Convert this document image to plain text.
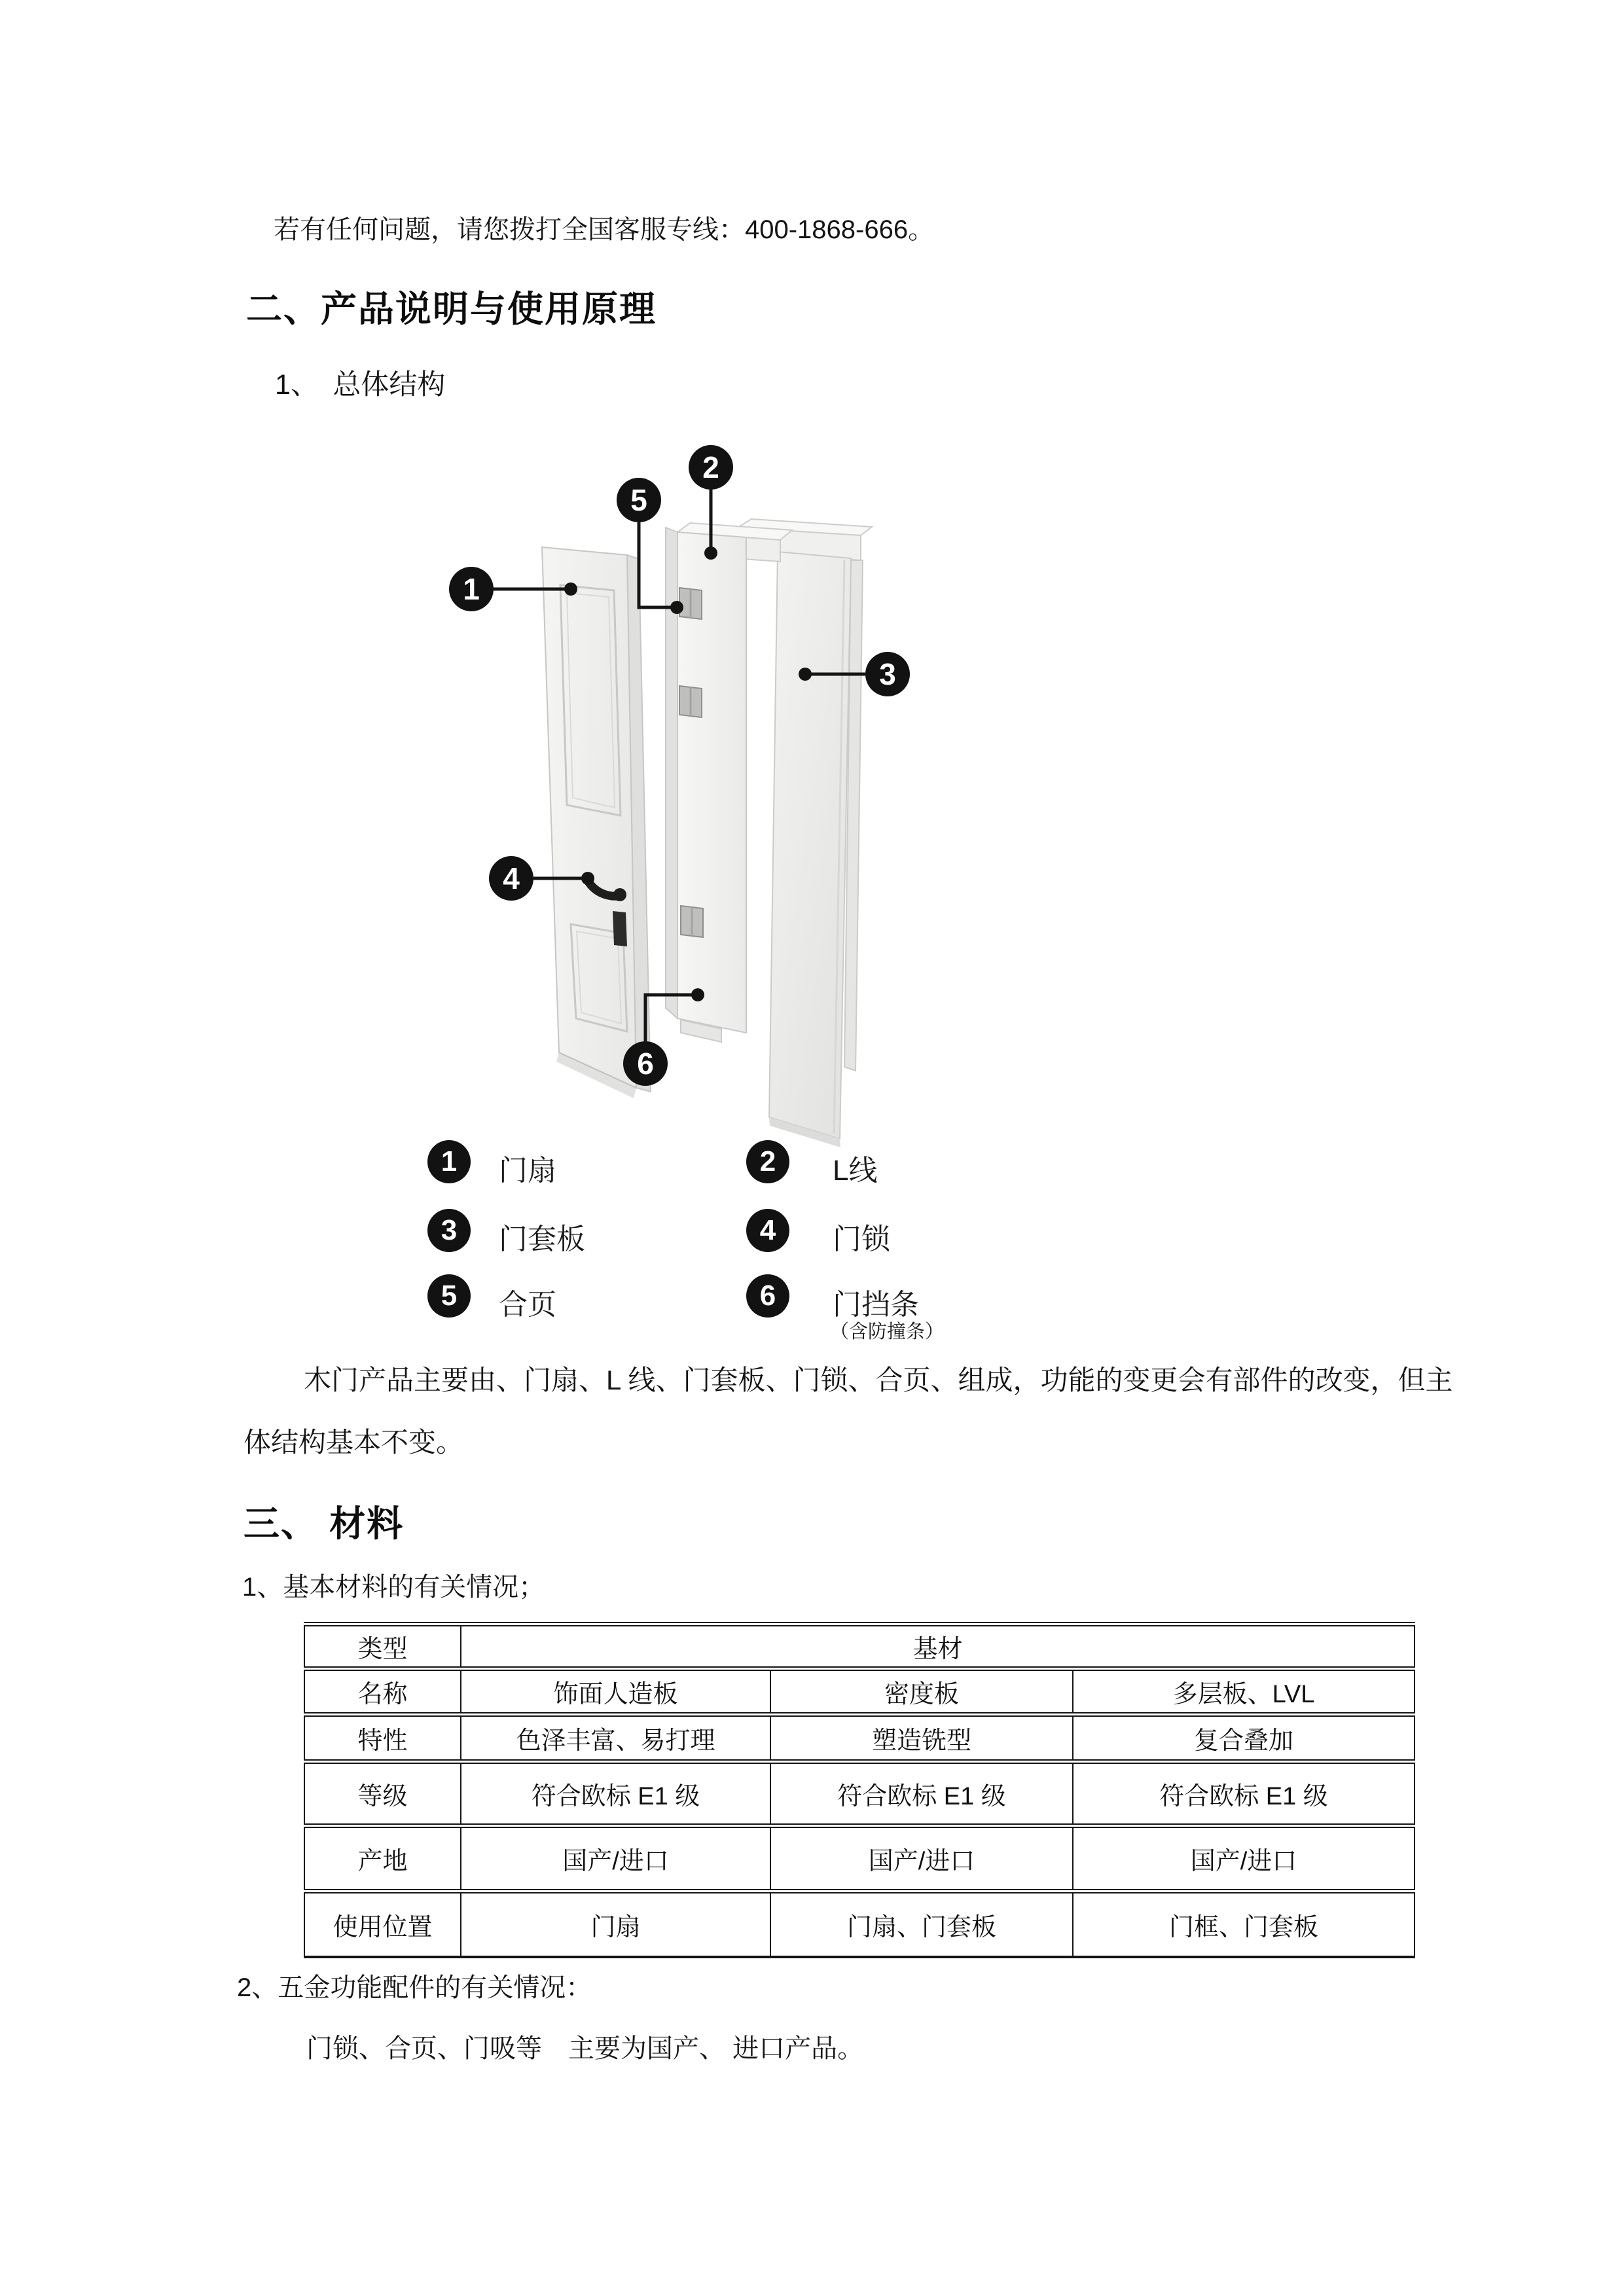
若有任何问题，请您拨打全国客服专线：400-1868-666。
二、产品说明与使用原理
1、　总体结构
1
2
3
4
5
6
1	门扇	2	L线
3	门套板	4	门锁
5	合页	6	门挡条
（含防撞条）
木门产品主要由、门扇、L 线、门套板、门锁、合页、组成，功能的变更会有部件的改变，但主
体结构基本不变。
三、 材料
1、基本材料的有关情况；
类型	基材		
名称	饰面人造板	密度板	多层板、LVL
特性	色泽丰富、易打理	塑造铣型	复合叠加
等级	符合欧标 E1 级	符合欧标 E1 级	符合欧标 E1 级
产地	国产/进口	国产/进口	国产/进口
使用位置	门扇	门扇、门套板	门框、门套板
2、五金功能配件的有关情况：
门锁、合页、门吸等　主要为国产、 进口产品。
